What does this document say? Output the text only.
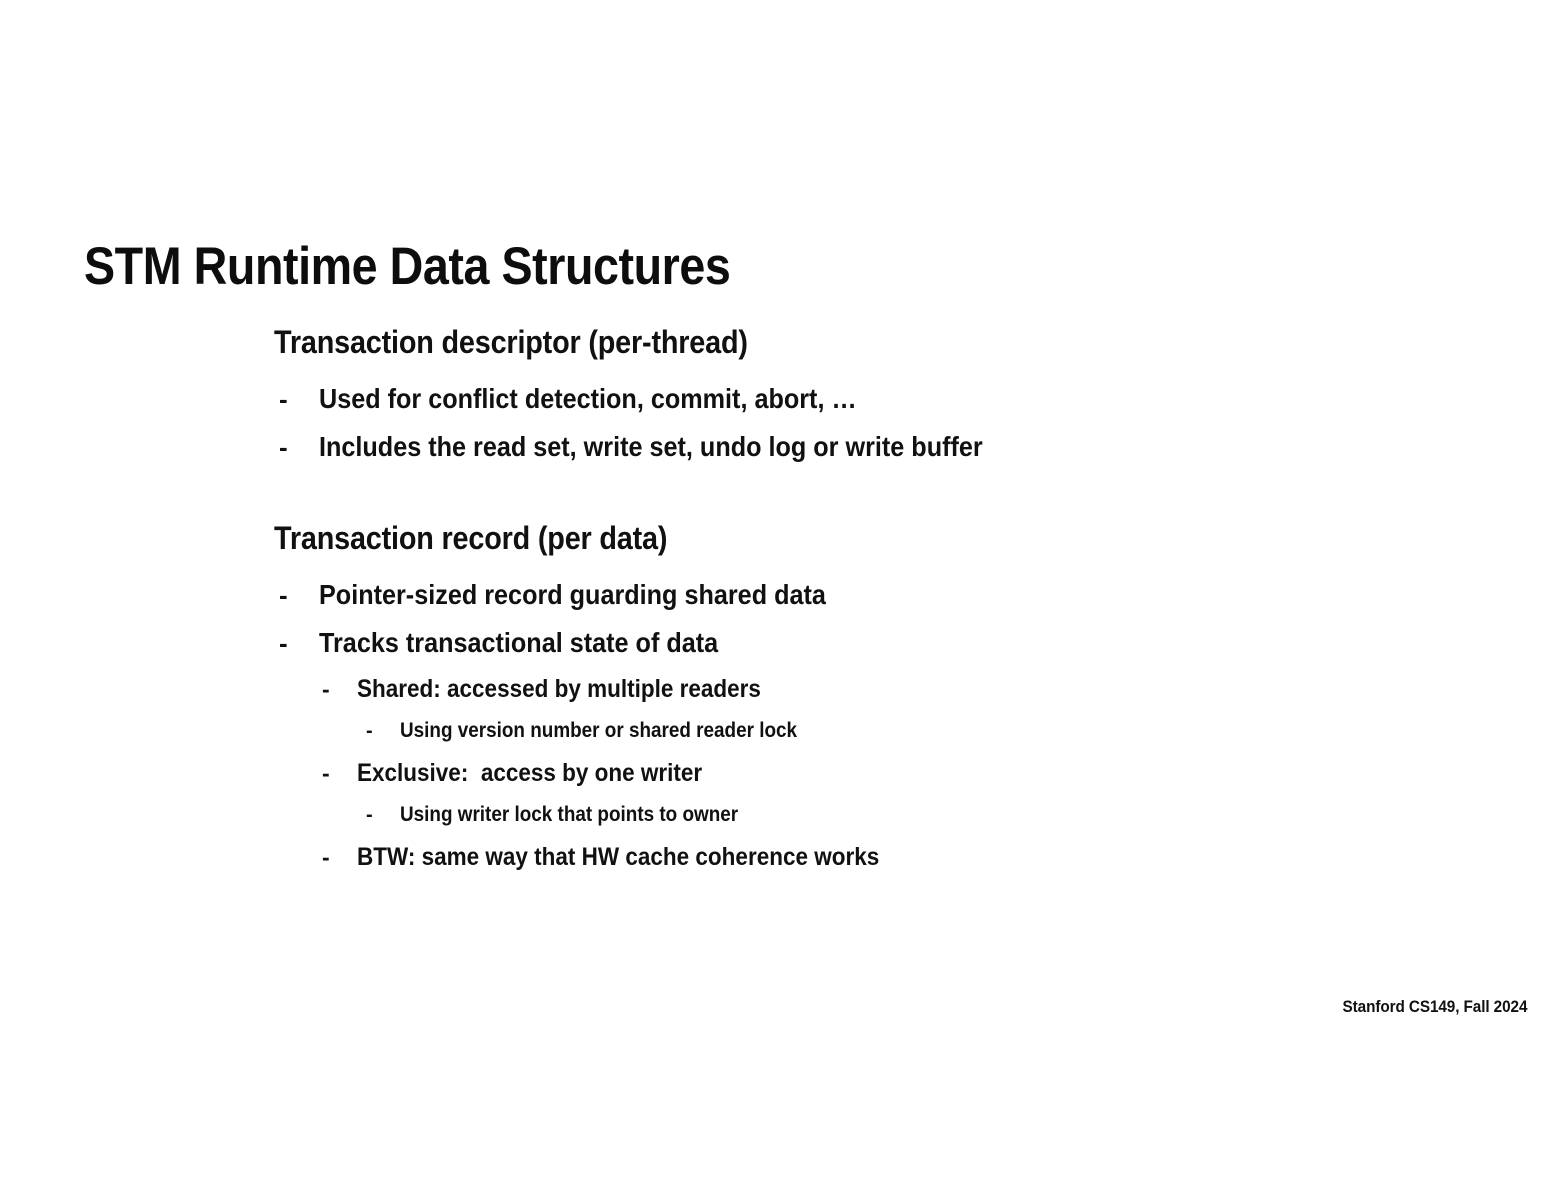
STM Runtime Data Structures
Transaction descriptor (per-thread)
-	Used for conflict detection, commit, abort, …
-	Includes the read set, write set, undo log or write buffer
Transaction record (per data)
-	Pointer-sized record guarding shared data
-	Tracks transactional state of data
-	Shared: accessed by multiple readers
-	Using version number or shared reader lock
-	Exclusive:  access by one writer
-	Using writer lock that points to owner
-	BTW: same way that HW cache coherence works
Stanford CS149, Fall 2024
